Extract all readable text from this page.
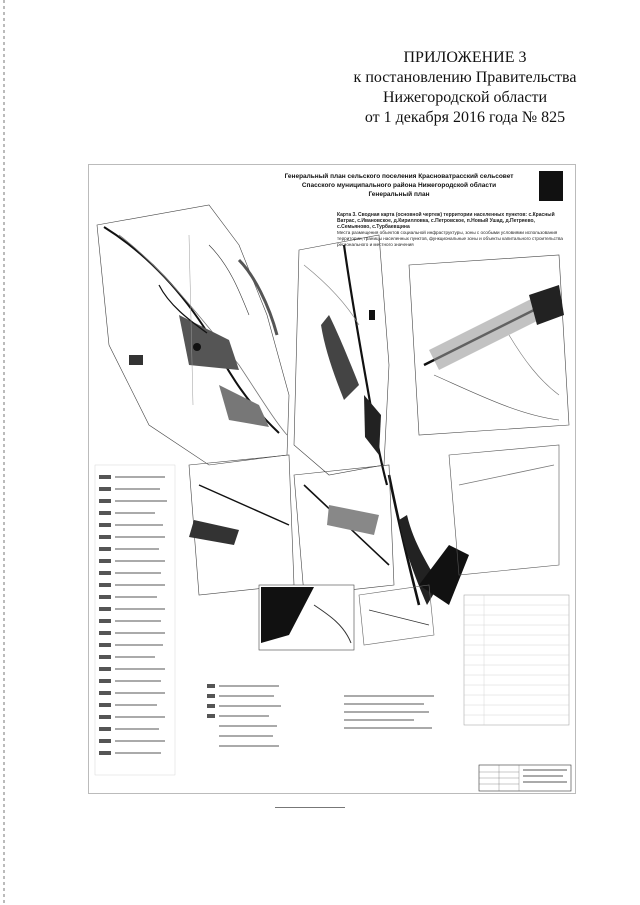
ПРИЛОЖЕНИЕ 3
к постановлению Правительства
Нижегородской области
от 1 декабря 2016 года № 825
Генеральный план сельского поселения Красноватрасский сельсовет
Спасского муниципального района Нижегородской области
Генеральный план
Карта 3. Сводная карта (основной чертеж) территории населенных пунктов: с.Красный Ватрас, с.Ивановское, д.Кирилловка, с.Петровское, п.Новый Ушад, д.Петряево, с.Семьяново, с.Турбаевщина
Места размещения объектов социальной инфраструктуры, зоны с особыми условиями использования территории, границы населенных пунктов, функциональные зоны и объекты капитального строительства регионального и местного значения
